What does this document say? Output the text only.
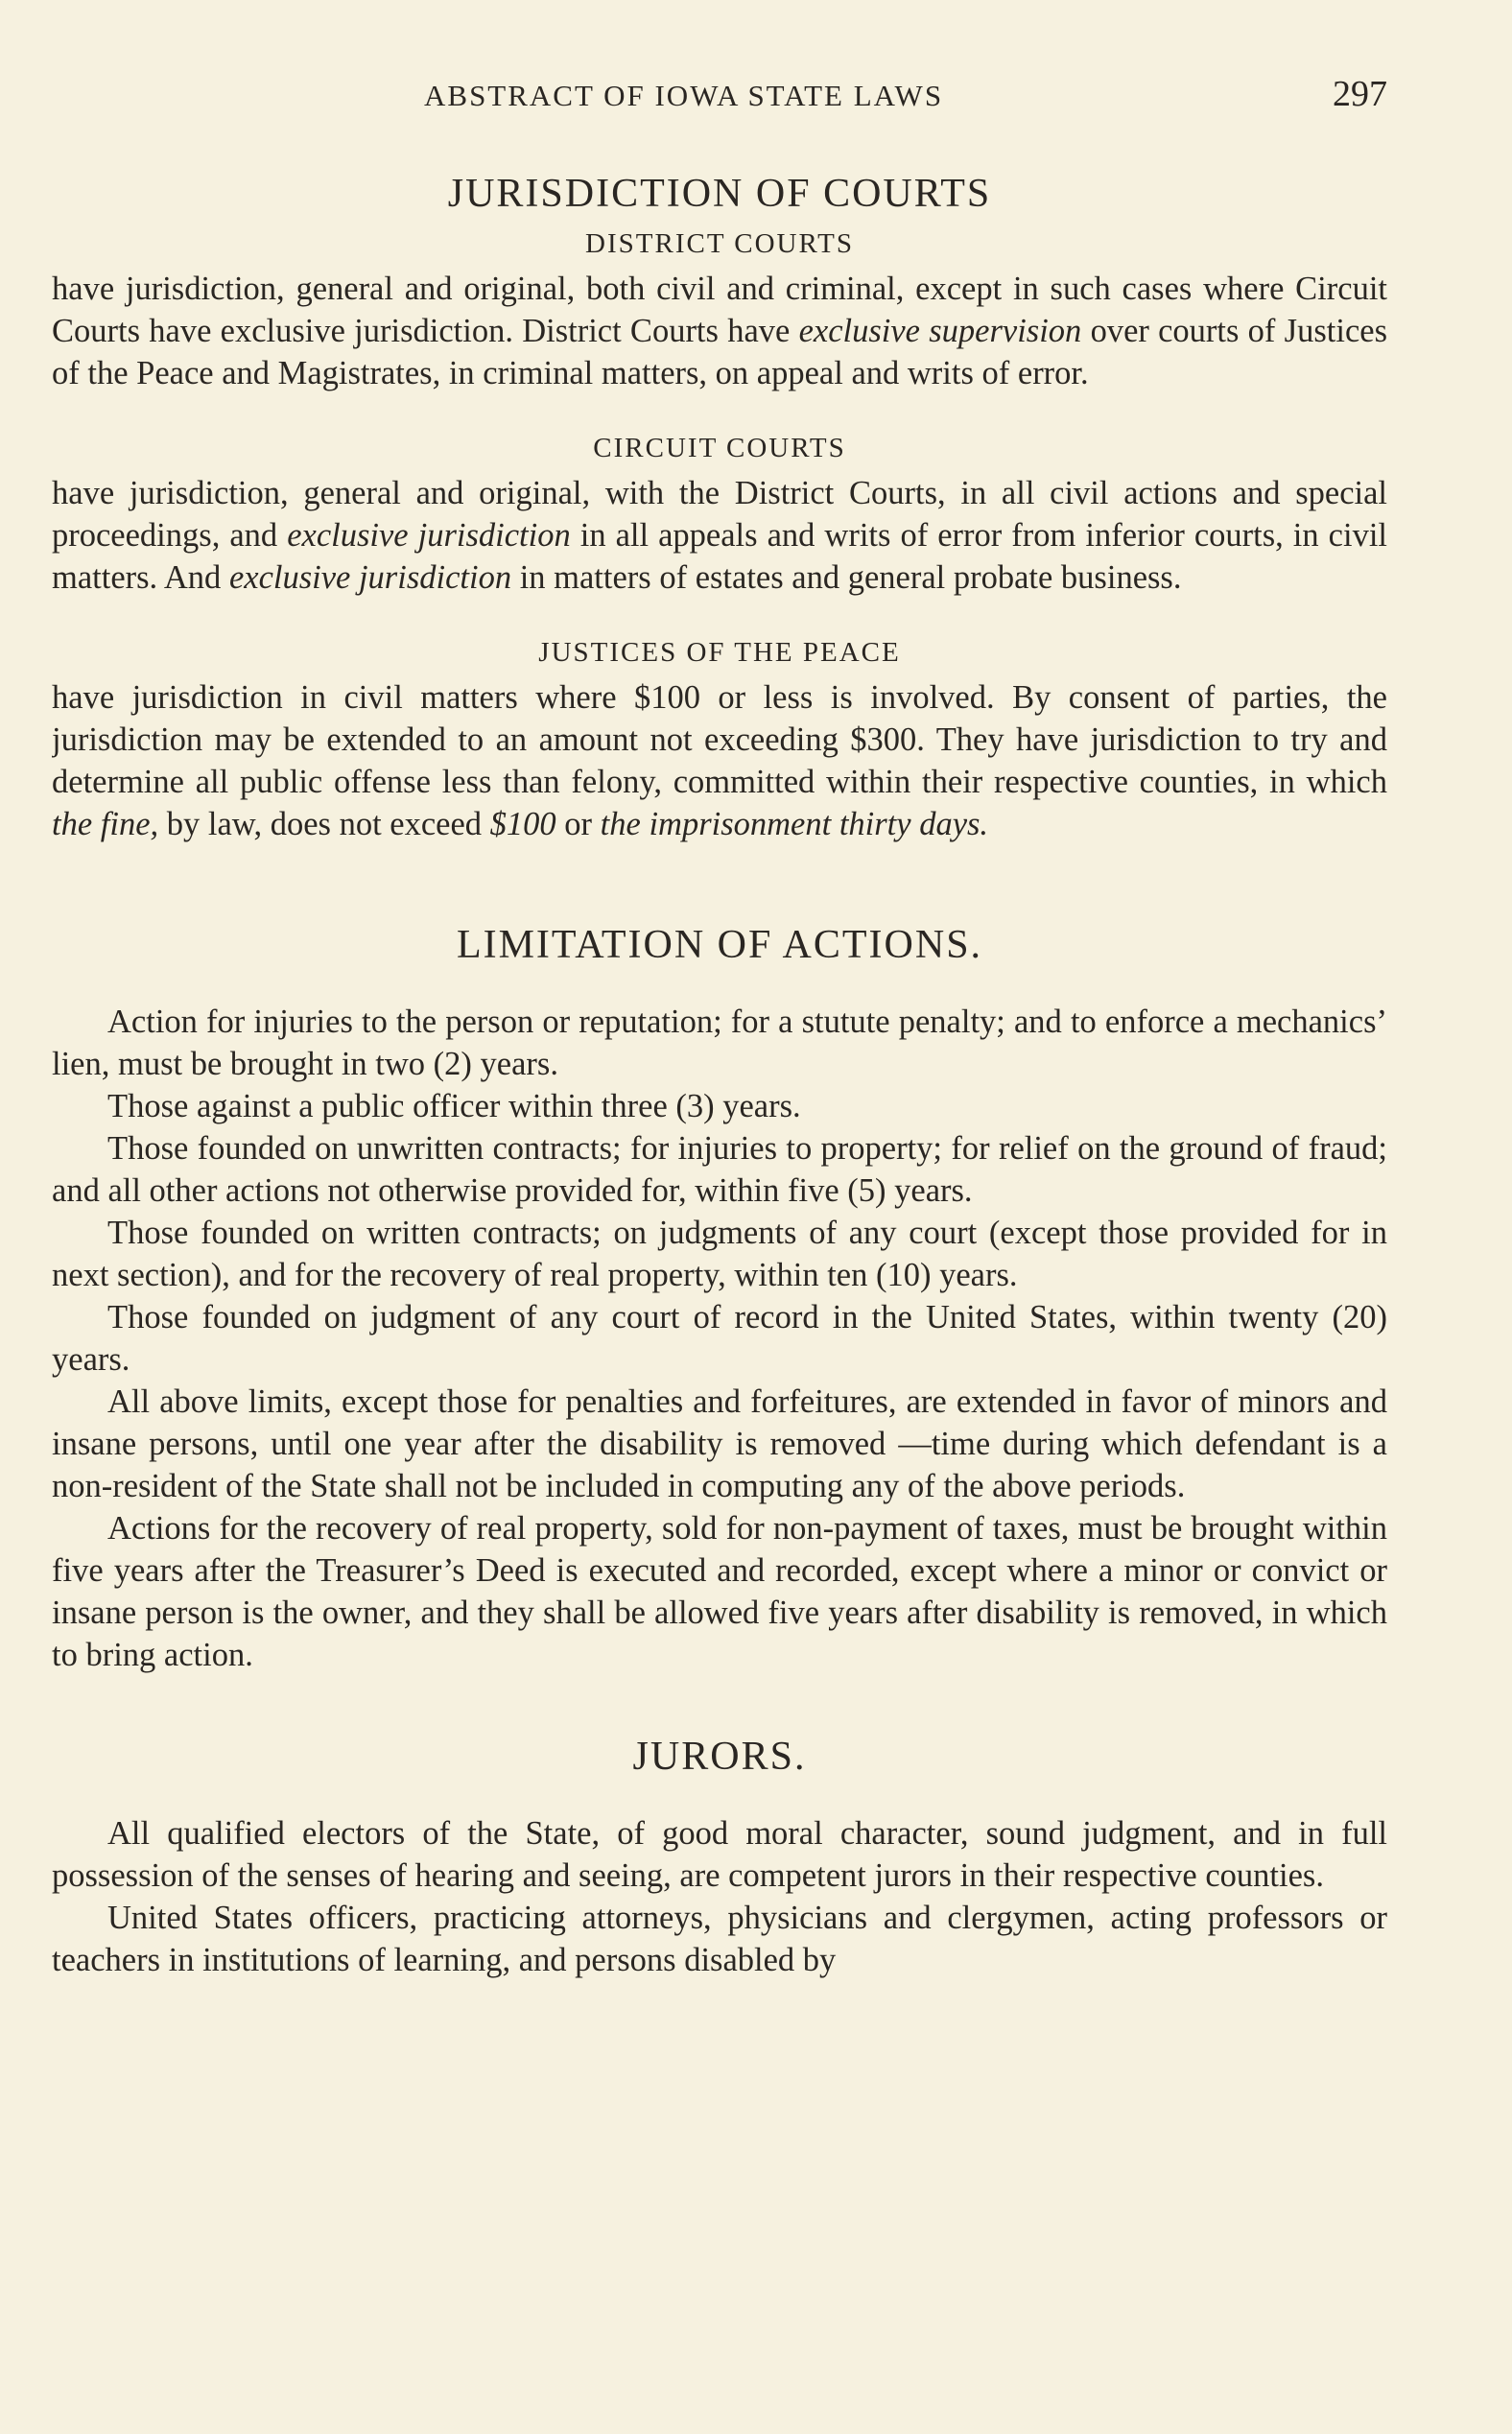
ABSTRACT OF IOWA STATE LAWS	297
JURISDICTION OF COURTS
DISTRICT COURTS

have jurisdiction, general and original, both civil and criminal, except in such cases where Circuit Courts have exclusive jurisdiction. District Courts have exclusive supervision over courts of Justices of the Peace and Magistrates, in criminal matters, on appeal and writs of error.

CIRCUIT COURTS

have jurisdiction, general and original, with the District Courts, in all civil actions and special proceedings, and exclusive jurisdiction in all appeals and writs of error from inferior courts, in civil matters. And exclusive jurisdiction in matters of estates and general probate business.

JUSTICES OF THE PEACE

have jurisdiction in civil matters where $100 or less is involved. By consent of parties, the jurisdiction may be extended to an amount not exceeding $300. They have jurisdiction to try and determine all public offense less than felony, committed within their respective counties, in which the fine, by law, does not exceed $100 or the imprisonment thirty days.

LIMITATION OF ACTIONS.

Action for injuries to the person or reputation; for a stutute penalty; and to enforce a mechanics’ lien, must be brought in two (2) years.

Those against a public officer within three (3) years.

Those founded on unwritten contracts; for injuries to property; for relief on the ground of fraud; and all other actions not otherwise provided for, within five (5) years.

Those founded on written contracts; on judgments of any court (except those provided for in next section), and for the recovery of real property, within ten (10) years.

Those founded on judgment of any court of record in the United States, within twenty (20) years.

All above limits, except those for penalties and forfeitures, are extended in favor of minors and insane persons, until one year after the disability is removed —time during which defendant is a non-resident of the State shall not be included in computing any of the above periods.

Actions for the recovery of real property, sold for non-payment of taxes, must be brought within five years after the Treasurer’s Deed is executed and recorded, except where a minor or convict or insane person is the owner, and they shall be allowed five years after disability is removed, in which to bring action.

JURORS.

All qualified electors of the State, of good moral character, sound judgment, and in full possession of the senses of hearing and seeing, are competent jurors in their respective counties.

United States officers, practicing attorneys, physicians and clergymen, acting professors or teachers in institutions of learning, and persons disabled by
